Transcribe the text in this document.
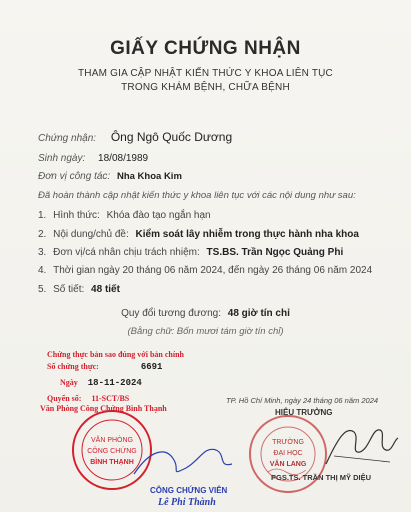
GIẤY CHỨNG NHẬN
THAM GIA CẬP NHẬT KIẾN THỨC Y KHOA LIÊN TỤC
TRONG KHÁM BỆNH, CHỮA BỆNH
Chứng nhận: Ông Ngô Quốc Dương
Sinh ngày: 18/08/1989
Đơn vị công tác: Nha Khoa Kim
Đã hoàn thành cập nhật kiến thức y khoa liên tục với các nội dung như sau:
1. Hình thức: Khóa đào tạo ngắn hạn
2. Nội dung/chủ đề: Kiểm soát lây nhiễm trong thực hành nha khoa
3. Đơn vị/cá nhân chịu trách nhiệm: TS.BS. Trần Ngọc Quảng Phi
4. Thời gian ngày 20 tháng 06 năm 2024, đến ngày 26 tháng 06 năm 2024
5. Số tiết: 48 tiết
Quy đổi tương đương: 48 giờ tín chỉ
(Bằng chữ: Bốn mươi tám giờ tín chỉ)
TP. Hồ Chí Minh, ngày 24 tháng 06 năm 2024
HIỆU TRƯỞNG
TRƯỜNG
ĐẠI HỌC
VĂN LANG
PGS.TS. TRẦN THỊ MỸ DIỆU
Chứng thực bản sao đúng với bản chính
Số chứng thực:	6691
Ngày 18-11-2024
Quyển số: 11-SCT/BS
Văn Phòng Công Chứng Bình Thạnh
VĂN PHÒNG
CÔNG CHỨNG
BÌNH THẠNH
CÔNG CHỨNG VIÊN
Lê Phi Thành
